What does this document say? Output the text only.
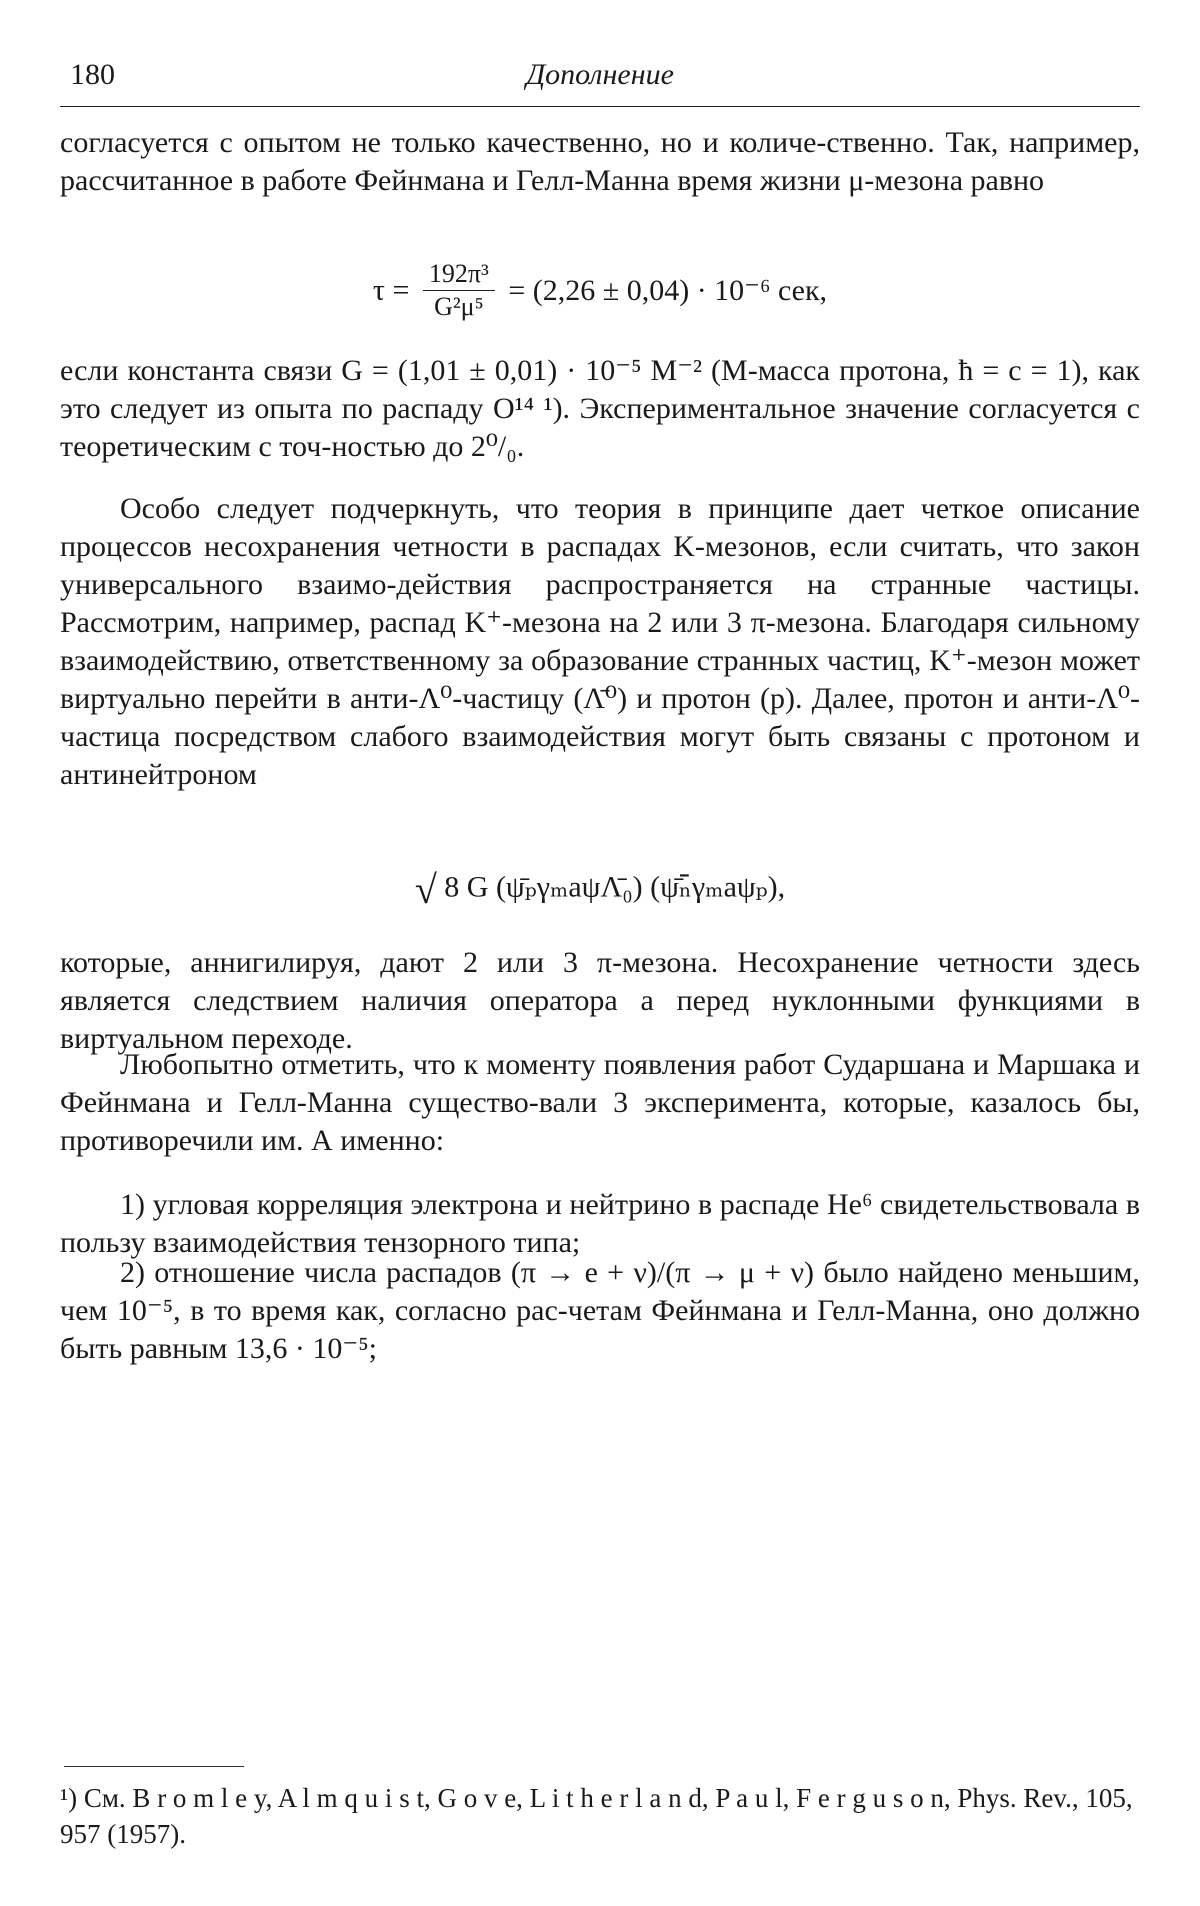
180	Дополнение
согласуется с опытом не только качественно, но и количе-ственно. Так, например, рассчитанное в работе Фейнмана и Гелл-Манна время жизни μ-мезона равно
$\tau = \frac{\text{192π³}}{\text{G²μ⁵}} = (2,26 \pm 0,04) \cdot 10^{-6}$ сек,
если константа связи G = (1,01 ± 0,01) · 10⁻⁵ M⁻² (M-масса протона, ħ = c = 1), как это следует из опыта по распаду O¹⁴ ¹). Экспериментальное значение согласуется с теоретическим с точ-ностью до 2⁰/₀.
Особо следует подчеркнуть, что теория в принципе дает четкое описание процессов несохранения четности в распадах K-мезонов, если считать, что закон универсального взаимо-действия распространяется на странные частицы. Рассмотрим, например, распад K⁺-мезона на 2 или 3 π-мезона. Благодаря сильному взаимодействию, ответственному за образование странных частиц, K⁺-мезон может виртуально перейти в анти-Λ⁰-частицу (Λ̄⁰) и протон (p). Далее, протон и анти-Λ⁰-частица посредством слабого взаимодействия могут быть связаны с протоном и антинейтроном
√ 8 G (ψ̄ₚγₘaψΛ̄₀) (ψ̄ₙ̄γₘaψₚ),
которые, аннигилируя, дают 2 или 3 π-мезона. Несохранение четности здесь является следствием наличия оператора a перед нуклонными функциями в виртуальном переходе.
Любопытно отметить, что к моменту появления работ Сударшана и Маршака и Фейнмана и Гелл-Манна существо-вали 3 эксперимента, которые, казалось бы, противоречили им. А именно:
1) угловая корреляция электрона и нейтрино в распаде He⁶ свидетельствовала в пользу взаимодействия тензорного типа;
2) отношение числа распадов (π → e + ν)/(π → μ + ν) было найдено меньшим, чем 10⁻⁵, в то время как, согласно рас-четам Фейнмана и Гелл-Манна, оно должно быть равным 13,6 · 10⁻⁵;
¹) См. B r o m l e y, A l m q u i s t, G o v e, L i t h e r l a n d, P a u l, F e r g u s o n, Phys. Rev., 105, 957 (1957).
